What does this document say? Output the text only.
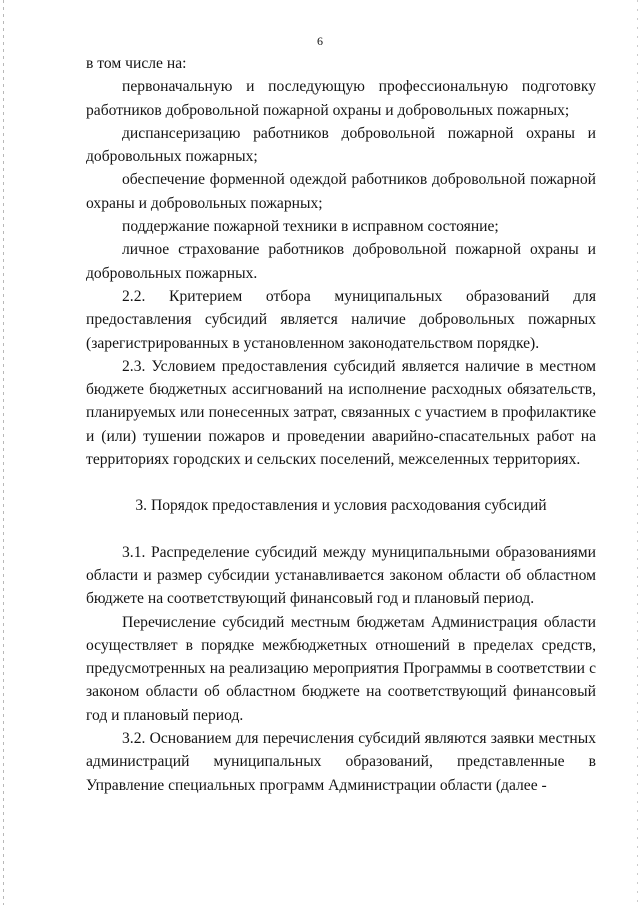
6

в том числе на:

первоначальную и последующую профессиональную подготовку работников добровольной пожарной охраны и добровольных пожарных;

диспансеризацию работников добровольной пожарной охраны и добровольных пожарных;

обеспечение форменной одеждой работников добровольной пожарной охраны и добровольных пожарных;

поддержание пожарной техники в исправном состояние;

личное страхование работников добровольной пожарной охраны и добровольных пожарных.

2.2. Критерием отбора муниципальных образований для предоставления субсидий является наличие добровольных пожарных (зарегистрированных в установленном законодательством порядке).

2.3. Условием предоставления субсидий является наличие в местном бюджете бюджетных ассигнований на исполнение расходных обязательств, планируемых или понесенных затрат, связанных с участием в профилактике и (или) тушении пожаров и проведении аварийно-спасательных работ на территориях городских и сельских поселений, межселенных территориях.

3. Порядок предоставления и условия расходования субсидий

3.1. Распределение субсидий между муниципальными образованиями области и размер субсидии устанавливается законом области об областном бюджете на соответствующий финансовый год и плановый период.

Перечисление субсидий местным бюджетам Администрация области осуществляет в порядке межбюджетных отношений в пределах средств, предусмотренных на реализацию мероприятия Программы в соответствии с законом области об областном бюджете на соответствующий финансовый год и плановый период.

3.2. Основанием для перечисления субсидий являются заявки местных администраций муниципальных образований, представленные в Управление специальных программ Администрации области (далее -
